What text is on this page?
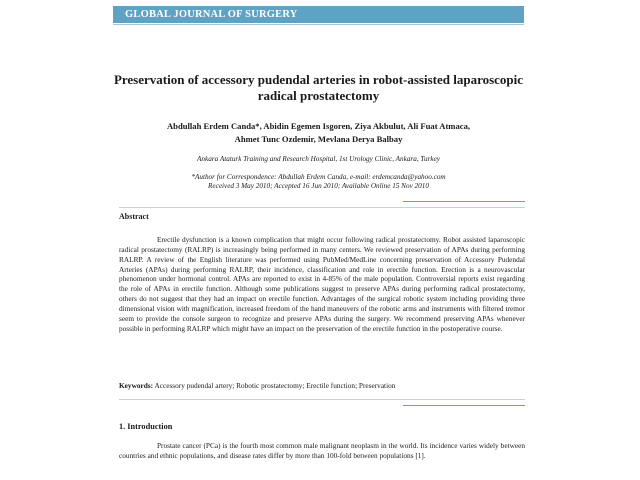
GLOBAL JOURNAL OF SURGERY
Preservation of accessory pudendal arteries in robot-assisted laparoscopic radical prostatectomy
Abdullah Erdem Canda*, Abidin Egemen Isgoren, Ziya Akbulut, Ali Fuat Atmaca,
Ahmet Tunc Ozdemir, Mevlana Derya Balbay
Ankara Ataturk Training and Research Hospital, 1st Urology Clinic, Ankara, Turkey
*Author for Correspondence: Abdullah Erdem Canda, e-mail: erdemcanda@yahoo.com
Received 3 May 2010; Accepted 16 Jun 2010; Available Online 15 Nov 2010
Abstract

Erectile dysfunction is a known complication that might occur following radical prostatectomy. Robot assisted laparoscopic radical prostatectomy (RALRP) is increasingly being performed in many centers. We reviewed preservation of APAs during performing RALRP. A review of the English literature was performed using PubMed/MedLine concerning preservation of Accessory Pudendal Arteries (APAs) during performing RALRP, their incidence, classification and role in erectile function. Erection is a neurovascular phenomenon under hormonal control. APAs are reported to exist in 4-85% of the male population. Controversial reports exist regarding the role of APAs in erectile function. Although some publications suggest to preserve APAs during performing radical prostatectomy, others do not suggest that they had an impact on erectile function. Advantages of the surgical robotic system including providing three dimensional vision with magnification, increased freedom of the hand maneuvers of the robotic arms and instruments with filtered tremor seem to provide the console surgeon to recognize and preserve APAs during the surgery. We recommend preserving APAs whenever possible in performing RALRP which might have an impact on the preservation of the erectile function in the postoperative course.

Keywords: Accessory pudendal artery; Robotic prostatectomy; Erectile function; Preservation
1. Introduction

Prostate cancer (PCa) is the fourth most common male malignant neoplasm in the world. Its incidence varies widely between countries and ethnic populations, and disease rates differ by more than 100-fold between populations [1].
